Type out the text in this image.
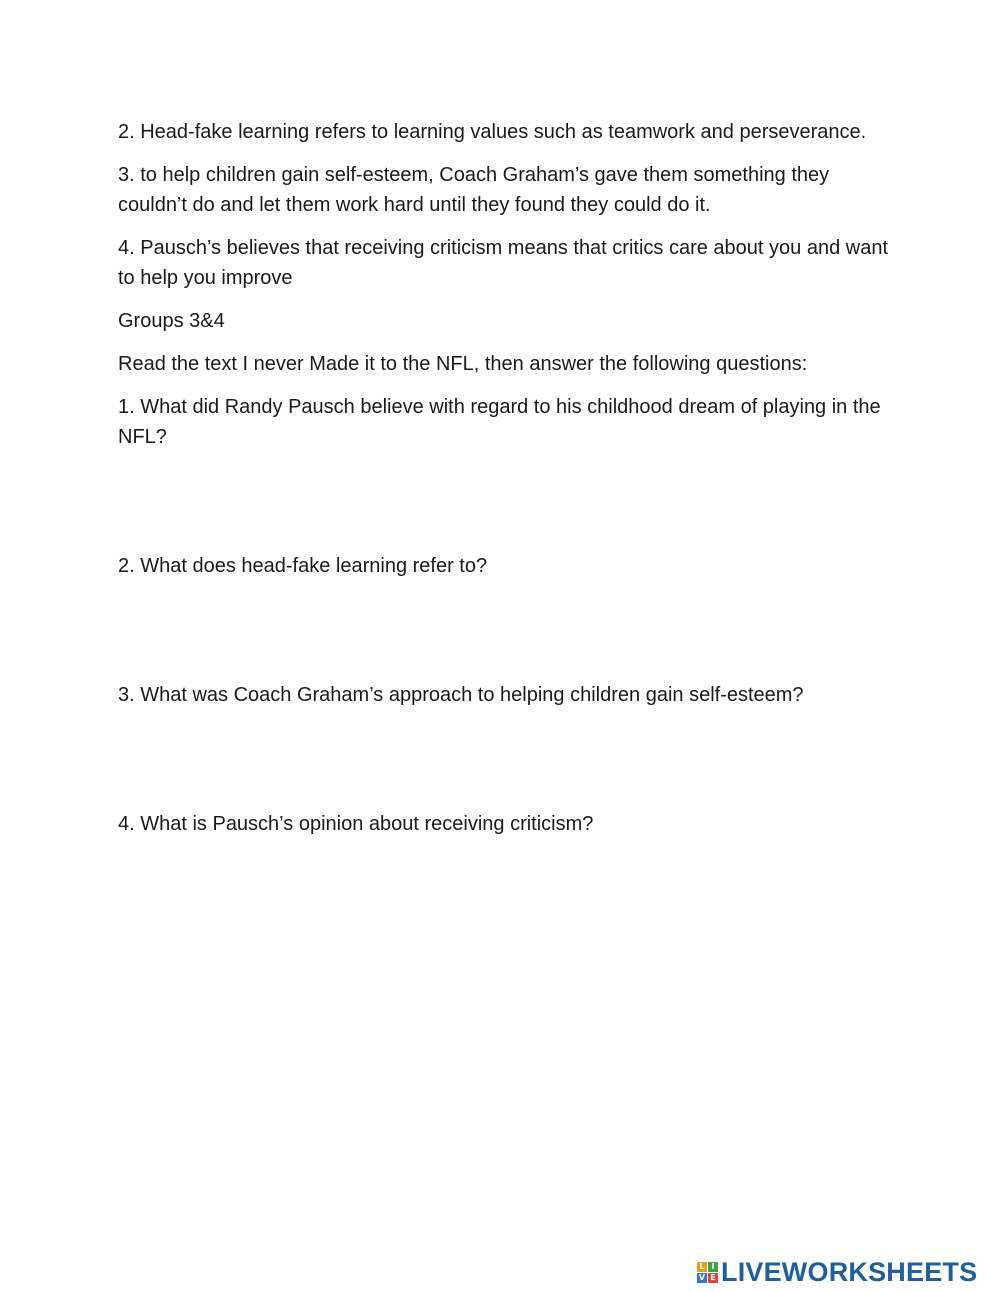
2. Head-fake learning refers to learning values such as teamwork and perseverance.

3. to help children gain self-esteem, Coach Graham’s gave them something they couldn’t do and let them work hard until they found they could do it.

4. Pausch’s believes that receiving criticism means that critics care about you and want to help you improve

Groups 3&4

Read the text I never Made it to the NFL, then answer the following questions:

1. What did Randy Pausch believe with regard to his childhood dream of playing in the NFL?

2. What does head-fake learning refer to?

3. What was Coach Graham’s approach to helping children gain self-esteem?

4. What is Pausch’s opinion about receiving criticism?

L I
V E LIVEWORKSHEETS
